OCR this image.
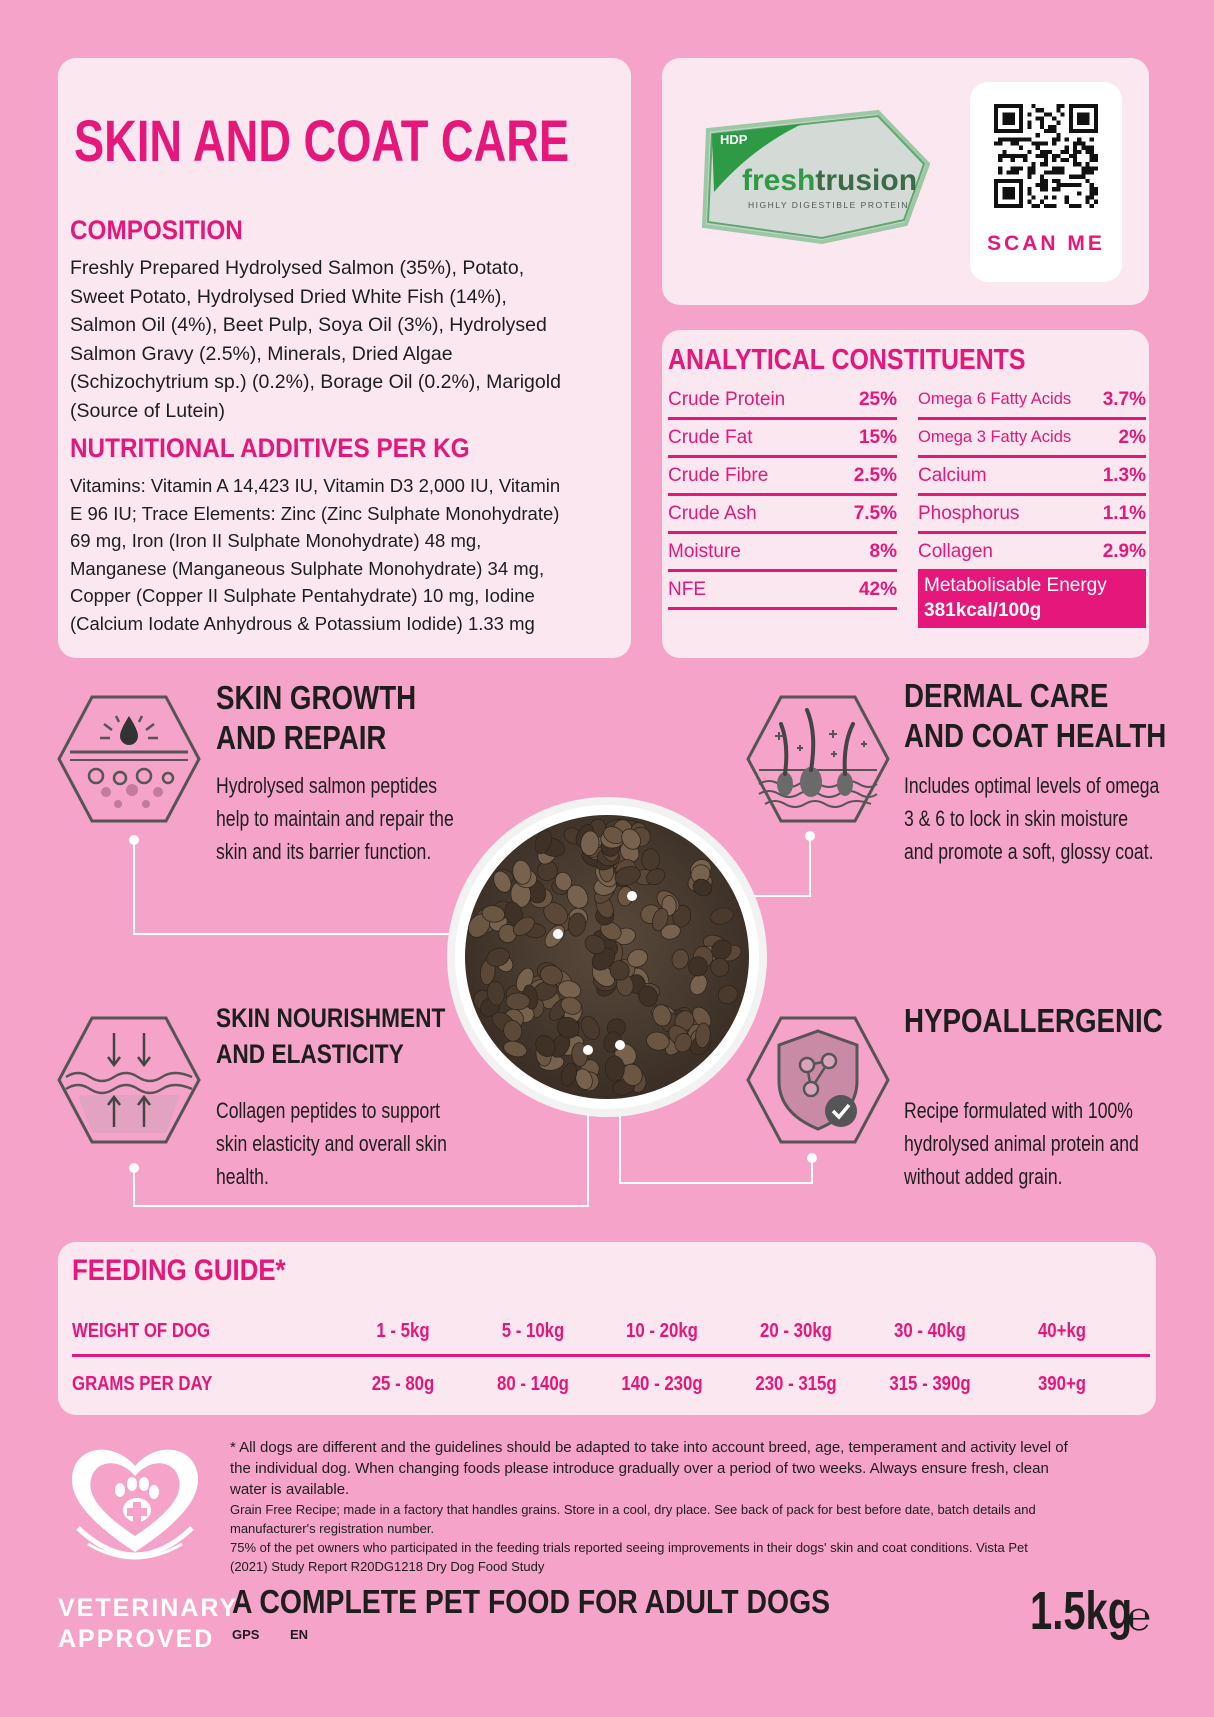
SKIN AND COAT CARE
COMPOSITION
Freshly Prepared Hydrolysed Salmon (35%), Potato,
Sweet Potato, Hydrolysed Dried White Fish (14%),
Salmon Oil (4%), Beet Pulp, Soya Oil (3%), Hydrolysed
Salmon Gravy (2.5%), Minerals, Dried Algae
(Schizochytrium sp.) (0.2%), Borage Oil (0.2%), Marigold
(Source of Lutein)
NUTRITIONAL ADDITIVES PER KG
Vitamins: Vitamin A 14,423 IU, Vitamin D3 2,000 IU, Vitamin
E 96 IU; Trace Elements: Zinc (Zinc Sulphate Monohydrate)
69 mg, Iron (Iron II Sulphate Monohydrate) 48 mg,
Manganese (Manganeous Sulphate Monohydrate) 34 mg,
Copper (Copper II Sulphate Pentahydrate) 10 mg, Iodine
(Calcium Iodate Anhydrous & Potassium Iodide) 1.33 mg
HDP
freshtrusion
HIGHLY DIGESTIBLE PROTEIN
SCAN ME
ANALYTICAL CONSTITUENTS
Crude Protein	25%
Crude Fat	15%
Crude Fibre	2.5%
Crude Ash	7.5%
Moisture	8%
NFE	42%
Omega 6 Fatty Acids 3.7%
Omega 3 Fatty Acids 2%
Calcium	1.3%
Phosphorus	1.1%
Collagen	2.9%
Metabolisable Energy
381kcal/100g
SKIN GROWTH
AND REPAIR
Hydrolysed salmon peptides
help to maintain and repair the
skin and its barrier function.
DERMAL CARE
AND COAT HEALTH
Includes optimal levels of omega
3 & 6 to lock in skin moisture
and promote a soft, glossy coat.
SKIN NOURISHMENT
AND ELASTICITY
Collagen peptides to support
skin elasticity and overall skin
health.
HYPOALLERGENIC
Recipe formulated with 100%
hydrolysed animal protein and
without added grain.
FEEDING GUIDE*
WEIGHT OF DOG	1 - 5kg	5 - 10kg	10 - 20kg	20 - 30kg	30 - 40kg	40+kg
GRAMS PER DAY	25 - 80g	80 - 140g	140 - 230g	230 - 315g	315 - 390g	390+g
VETERINARY
APPROVED
* All dogs are different and the guidelines should be adapted to take into account breed, age, temperament and activity level of
the individual dog. When changing foods please introduce gradually over a period of two weeks. Always ensure fresh, clean
water is available.
Grain Free Recipe; made in a factory that handles grains. Store in a cool, dry place. See back of pack for best before date, batch details and
manufacturer's registration number.
75% of the pet owners who participated in the feeding trials reported seeing improvements in their dogs' skin and coat conditions. Vista Pet
(2021) Study Report R20DG1218 Dry Dog Food Study
A COMPLETE PET FOOD FOR ADULT DOGS
GPS EN	1.5kg
℮
